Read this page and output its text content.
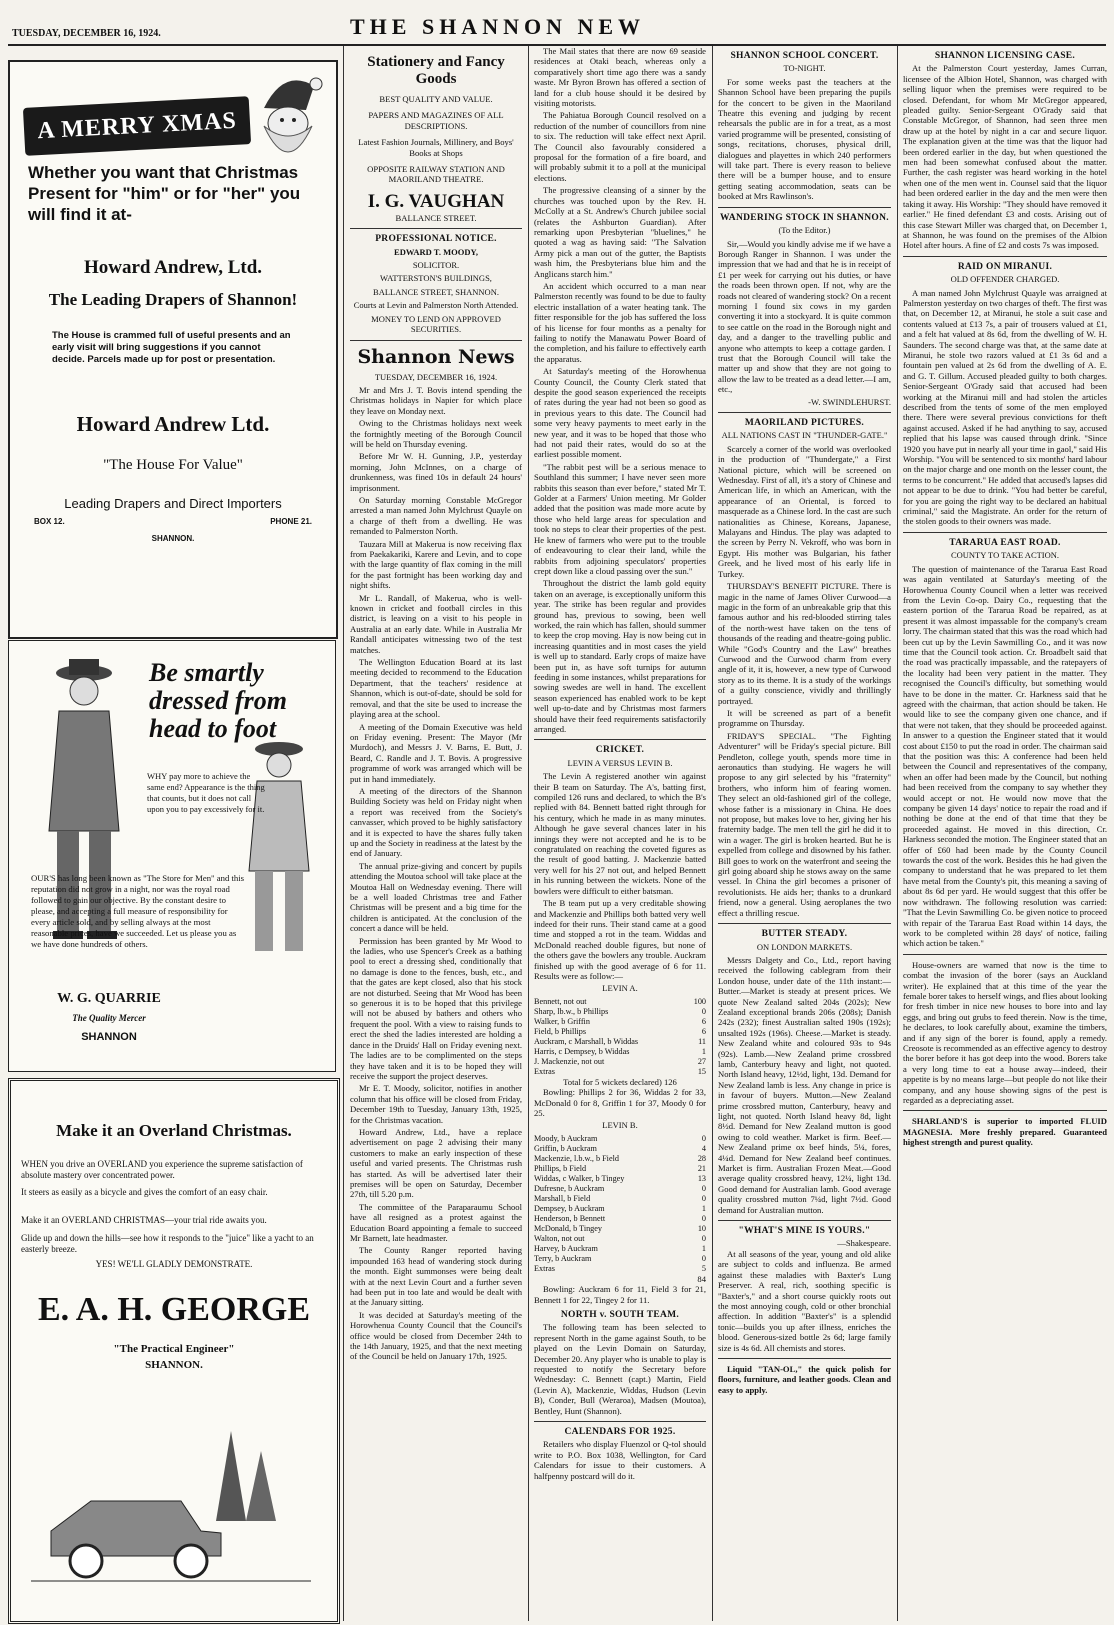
TUESDAY, DECEMBER 16, 1924.	THE SHANNON NEW
A MERRY XMAS
Whether you want that Christmas Present for "him" or for "her" you will find it at-
Howard Andrew, Ltd.
The Leading Drapers of Shannon!
The House is crammed full of useful presents and an early visit will bring suggestions if you cannot decide. Parcels made up for post or presentation.
Howard Andrew Ltd.
"The House For Value"
Leading Drapers and Direct Importers
BOX 12.	PHONE 21.
SHANNON.
Be smartly dressed from head to foot
WHY pay more to achieve the same end? Appearance is the thing that counts, but it does not call upon you to pay excessively for it.
OUR'S has long been known as "The Store for Men" and this reputation did not grow in a night, nor was the royal road followed to gain our objective. By the constant desire to please, and accepting a full measure of responsibility for every article sold, and by selling always at the most reasonable prices, have we succeeded. Let us please you as we have done hundreds of others.
W. G. QUARRIE
The Quality Mercer
SHANNON
Make it an Overland Christmas.
WHEN you drive an OVERLAND you experience the supreme satisfaction of absolute mastery over concentrated power.
It steers as easily as a bicycle and gives the comfort of an easy chair.
Make it an OVERLAND CHRISTMAS—your trial ride awaits you.
Glide up and down the hills—see how it responds to the "juice" like a yacht to an easterly breeze.
YES! WE'LL GLADLY DEMONSTRATE.
E. A. H. GEORGE
"The Practical Engineer"
SHANNON.
Stationery and Fancy Goods
BEST QUALITY AND VALUE.
PAPERS AND MAGAZINES OF ALL DESCRIPTIONS.
Latest Fashion Journals, Millinery, and Boys' Books at Shops
OPPOSITE RAILWAY STATION AND MAORILAND THEATRE.
I. G. VAUGHAN
BALLANCE STREET.
PROFESSIONAL NOTICE.
EDWARD T. MOODY,
SOLICITOR.
WATTERSTON'S BUILDINGS,
BALLANCE STREET, SHANNON.
Courts at Levin and Palmerston North Attended.
MONEY TO LEND ON APPROVED SECURITIES.
Shannon News
TUESDAY, DECEMBER 16, 1924.

Mr and Mrs J. T. Bovis intend spending the Christmas holidays in Napier for which place they leave on Monday next.

Owing to the Christmas holidays next week the fortnightly meeting of the Borough Council will be held on Thursday evening.

Before Mr W. H. Gunning, J.P., yesterday morning, John McInnes, on a charge of drunkenness, was fined 10s in default 24 hours' imprisonment.

On Saturday morning Constable McGregor arrested a man named John Mylchrust Quayle on a charge of theft from a dwelling. He was remanded to Palmerston North.

Tauzara Mill at Makerua is now receiving flax from Paekakariki, Karere and Levin, and to cope with the large quantity of flax coming in the mill for the past fortnight has been working day and night shifts.

Mr L. Randall, of Makerua, who is well-known in cricket and football circles in this district, is leaving on a visit to his people in Australia at an early date. While in Australia Mr Randall anticipates witnessing two of the test matches.

The Wellington Education Board at its last meeting decided to recommend to the Education Department, that the teachers' residence at Shannon, which is out-of-date, should be sold for removal, and that the site be used to increase the playing area at the school.

A meeting of the Domain Executive was held on Friday evening. Present: The Mayor (Mr Murdoch), and Messrs J. V. Barns, E. Butt, J. Beard, C. Randle and J. T. Bovis. A progressive programme of work was arranged which will be put in hand immediately.

A meeting of the directors of the Shannon Building Society was held on Friday night when a report was received from the Society's canvasser, which proved to be highly satisfactory and it is expected to have the shares fully taken up and the Society in readiness at the latest by the end of January.

The annual prize-giving and concert by pupils attending the Moutoa school will take place at the Moutoa Hall on Wednesday evening. There will be a well loaded Christmas tree and Father Christmas will be present and a big time for the children is anticipated. At the conclusion of the concert a dance will be held.

Permission has been granted by Mr Wood to the ladies, who use Spencer's Creek as a bathing pool to erect a dressing shed, conditionally that no damage is done to the fences, bush, etc., and that the gates are kept closed, also that his stock are not disturbed. Seeing that Mr Wood has been so generous it is to be hoped that this privilege will not be abused by bathers and others who frequent the pool. With a view to raising funds to erect the shed the ladies interested are holding a dance in the Druids' Hall on Friday evening next. The ladies are to be complimented on the steps they have taken and it is to be hoped they will receive the support the project deserves.

Mr E. T. Moody, solicitor, notifies in another column that his office will be closed from Friday, December 19th to Tuesday, January 13th, 1925, for the Christmas vacation.

Howard Andrew, Ltd., have a replace advertisement on page 2 advising their many customers to make an early inspection of these useful and varied presents. The Christmas rush has started. As will be advertised later their premises will be open on Saturday, December 27th, till 5.20 p.m.

The committee of the Paraparaumu School have all resigned as a protest against the Education Board appointing a female to succeed Mr Barnett, late headmaster.

The County Ranger reported having impounded 163 head of wandering stock during the month. Eight summonses were being dealt with at the next Levin Court and a further seven had been put in too late and would be dealt with at the January sitting.

It was decided at Saturday's meeting of the Horowhenua County Council that the Council's office would be closed from December 24th to the 14th January, 1925, and that the next meeting of the Council be held on January 17th, 1925.

The Mail states that there are now 69 seaside residences at Otaki beach, whereas only a comparatively short time ago there was a sandy waste. Mr Byron Brown has offered a section of land for a club house should it be desired by visiting motorists.

The Pahiatua Borough Council resolved on a reduction of the number of councillors from nine to six. The reduction will take effect next April. The Council also favourably considered a proposal for the formation of a fire board, and will probably submit it to a poll at the municipal elections.

The progressive cleansing of a sinner by the churches was touched upon by the Rev. H. McColly at a St. Andrew's Church jubilee social (relates the Ashburton Guardian). After remarking upon Presbyterian "bluelines," he quoted a wag as having said: "The Salvation Army pick a man out of the gutter, the Baptists wash him, the Presbyterians blue him and the Anglicans starch him."

An accident which occurred to a man near Palmerston recently was found to be due to faulty electric installation of a water heating tank. The fitter responsible for the job has suffered the loss of his license for four months as a penalty for failing to notify the Manawatu Power Board of the completion, and his failure to effectively earth the apparatus.

At Saturday's meeting of the Horowhenua County Council, the County Clerk stated that despite the good season experienced the receipts of rates during the year had not been so good as in previous years to this date. The Council had some very heavy payments to meet early in the new year, and it was to be hoped that those who had not paid their rates, would do so at the earliest possible moment.

"The rabbit pest will be a serious menace to Southland this summer; I have never seen more rabbits this season than ever before," stated Mr T. Golder at a Farmers' Union meeting. Mr Golder added that the position was made more acute by those who held large areas for speculation and took no steps to clear their properties of the pest. He knew of farmers who were put to the trouble of endeavouring to clear their land, while the rabbits from adjoining speculators' properties crept down like a cloud passing over the sun."

Throughout the district the lamb gold equity taken on an average, is exceptionally uniform this year. The strike has been regular and provides ground has, previous to sowing, been well worked, the rain which has fallen, should summer to keep the crop moving. Hay is now being cut in increasing quantities and in most cases the yield is well up to standard. Early crops of maize have been put in, as have soft turnips for autumn feeding in some instances, whilst preparations for sowing swedes are well in hand. The excellent season experienced has enabled work to be kept well up-to-date and by Christmas most farmers should have their feed requirements satisfactorily arranged.

CRICKET.
LEVIN A VERSUS LEVIN B.

The Levin A registered another win against their B team on Saturday. The A's, batting first, compiled 126 runs and declared, to which the B's replied with 84. Bennett batted right through for his century, which he made in as many minutes. Although he gave several chances later in his innings they were not accepted and he is to be congratulated on reaching the coveted figures as the result of good batting. J. Mackenzie batted very well for his 27 not out, and helped Bennett in his running between the wickets. None of the bowlers were difficult to either batsman.

The B team put up a very creditable showing and Mackenzie and Phillips both batted very well indeed for their runs. Their stand came at a good time and stopped a rot in the team. Widdas and McDonald reached double figures, but none of the others gave the bowlers any trouble. Auckram finished up with the good average of 6 for 11. Results were as follow:—

LEVIN A.
Bennett, not out	100
Sharp, lb.w., b Phillips	0
Walker, b Griffin	6
Field, b Phillips	6
Auckram, c Marshall, b Widdas	11
Harris, c Dempsey, b Widdas	1
J. Mackenzie, not out	27
Extras	15
Total for 5 wickets declared) 126

Bowling: Phillips 2 for 36, Widdas 2 for 33, McDonald 0 for 8, Griffin 1 for 37, Moody 0 for 25.

LEVIN B.
Moody, b Auckram	0
Griffin, b Auckram	4
Mackenzie, l.b.w., b Field	28
Phillips, b Field	21
Widdas, c Walker, b Tingey	13
Dufresne, b Auckram	0
Marshall, b Field	0
Dempsey, b Auckram	1
Henderson, b Bennett	0
McDonald, b Tingey	10
Walton, not out	0
Harvey, b Auckram	1
Terry, b Auckram	0
Extras	5
84

Bowling: Auckram 6 for 11, Field 3 for 21, Bennett 1 for 22, Tingey 2 for 11.

NORTH v. SOUTH TEAM.

The following team has been selected to represent North in the game against South, to be played on the Levin Domain on Saturday, December 20. Any player who is unable to play is requested to notify the Secretary before Wednesday: C. Bennett (capt.) Martin, Field (Levin A), Mackenzie, Widdas, Hudson (Levin B), Conder, Bull (Weraroa), Madsen (Moutoa), Bentley, Hunt (Shannon).

CALENDARS FOR 1925.

Retailers who display Fluenzol or Q-tol should write to P.O. Box 1038, Wellington, for Card Calendars for issue to their customers. A halfpenny postcard will do it.

SHANNON SCHOOL CONCERT.
TO-NIGHT.

For some weeks past the teachers at the Shannon School have been preparing the pupils for the concert to be given in the Maoriland Theatre this evening and judging by recent rehearsals the public are in for a treat, as a most varied programme will be presented, consisting of songs, recitations, choruses, physical drill, dialogues and playettes in which 240 performers will take part. There is every reason to believe there will be a bumper house, and to ensure getting seating accommodation, seats can be booked at Mrs Rawlinson's.

WANDERING STOCK IN SHANNON.
(To the Editor.)

Sir,—Would you kindly advise me if we have a Borough Ranger in Shannon. I was under the impression that we had and that he is in receipt of £1 per week for carrying out his duties, or have the roads been thrown open. If not, why are the roads not cleared of wandering stock? On a recent morning I found six cows in my garden converting it into a stockyard. It is quite common to see cattle on the road in the Borough night and day, and a danger to the travelling public and anyone who attempts to keep a cottage garden. I trust that the Borough Council will take the matter up and show that they are not going to allow the law to be treated as a dead letter.—I am, etc.,

-W. SWINDLEHURST.
MAORILAND PICTURES.
ALL NATIONS CAST IN "THUNDER-GATE."

Scarcely a corner of the world was overlooked in the production of "Thundergate," a First National picture, which will be screened on Wednesday. First of all, it's a story of Chinese and American life, in which an American, with the appearance of an Oriental, is forced to masquerade as a Chinese lord. In the cast are such nationalities as Chinese, Koreans, Japanese, Malayans and Hindus. The play was adapted to the screen by Perry N. Vekroff, who was born in Egypt. His mother was Bulgarian, his father Greek, and he lived most of his early life in Turkey.

THURSDAY'S BENEFIT PICTURE. There is magic in the name of James Oliver Curwood—a magic in the form of an unbreakable grip that this famous author and his red-blooded stirring tales of the north-west have taken on the tens of thousands of the reading and theatre-going public. While "God's Country and the Law" breathes Curwood and the Curwood charm from every angle of it, it is, however, a new type of Curwood story as to its theme. It is a study of the workings of a guilty conscience, vividly and thrillingly portrayed.

It will be screened as part of a benefit programme on Thursday.

FRIDAY'S SPECIAL. "The Fighting Adventurer" will be Friday's special picture. Bill Pendleton, college youth, spends more time in aeronautics than studying. He wagers he will propose to any girl selected by his "fraternity" brothers, who inform him of fearing women. They select an old-fashioned girl of the college, whose father is a missionary in China. He does not propose, but makes love to her, giving her his fraternity badge. The men tell the girl he did it to win a wager. The girl is broken hearted. But he is expelled from college and disowned by his father. Bill goes to work on the waterfront and seeing the girl going aboard ship he stows away on the same vessel. In China the girl becomes a prisoner of revolutionists. He aids her; thanks to a drunkard friend, now a general. Using aeroplanes the two effect a thrilling rescue.

BUTTER STEADY.
ON LONDON MARKETS.

Messrs Dalgety and Co., Ltd., report having received the following cablegram from their London house, under date of the 11th instant:— Butter.—Market is steady at present prices. We quote New Zealand salted 204s (202s); New Zealand exceptional brands 206s (208s); Danish 242s (232); finest Australian salted 190s (192s); unsalted 192s (196s). Cheese.—Market is steady. New Zealand white and coloured 93s to 94s (92s). Lamb.—New Zealand prime crossbred lamb, Canterbury heavy and light, not quoted. North Island heavy, 12½d, light, 13d. Demand for New Zealand lamb is less. Any change in price is in favour of buyers. Mutton.—New Zealand prime crossbred mutton, Canterbury, heavy and light, not quoted. North Island heavy 8d, light 8½d. Demand for New Zealand mutton is good owing to cold weather. Market is firm. Beef.—New Zealand prime ox beef hinds, 5¼, fores, 4¼d. Demand for New Zealand beef continues. Market is firm. Australian Frozen Meat.—Good average quality crossbred heavy, 12¼, light 13d. Good demand for Australian lamb. Good average quality crossbred mutton 7¼d, light 7½d. Good demand for Australian mutton.

"WHAT'S MINE IS YOURS."
—Shakespeare.

At all seasons of the year, young and old alike are subject to colds and influenza. Be armed against these maladies with Baxter's Lung Preserver. A real, rich, soothing specific is "Baxter's," and a short course quickly roots out the most annoying cough, cold or other bronchial affection. In addition "Baxter's" is a splendid tonic—builds you up after illness, enriches the blood. Generous-sized bottle 2s 6d; large family size is 4s 6d. All chemists and stores.

Liquid "TAN-OL," the quick polish for floors, furniture, and leather goods. Clean and easy to apply.

SHANNON LICENSING CASE.

At the Palmerston Court yesterday, James Curran, licensee of the Albion Hotel, Shannon, was charged with selling liquor when the premises were required to be closed. Defendant, for whom Mr McGregor appeared, pleaded guilty. Senior-Sergeant O'Grady said that Constable McGregor, of Shannon, had seen three men draw up at the hotel by night in a car and secure liquor. The explanation given at the time was that the liquor had been ordered earlier in the day, but when questioned the men had been somewhat confused about the matter. Further, the cash register was heard working in the hotel when one of the men went in. Counsel said that the liquor had been ordered earlier in the day and the men were then taking it away. His Worship: "They should have removed it earlier." He fined defendant £3 and costs. Arising out of this case Stewart Miller was charged that, on December 1, at Shannon, he was found on the premises of the Albion Hotel after hours. A fine of £2 and costs 7s was imposed.

RAID ON MIRANUI.
OLD OFFENDER CHARGED.

A man named John Mylchrust Quayle was arraigned at Palmerston yesterday on two charges of theft. The first was that, on December 12, at Miranui, he stole a suit case and contents valued at £13 7s, a pair of trousers valued at £1, and a felt hat valued at 8s 6d, from the dwelling of W. H. Saunders. The second charge was that, at the same date at Miranui, he stole two razors valued at £1 3s 6d and a fountain pen valued at 2s 6d from the dwelling of A. E. and G. T. Gillum. Accused pleaded guilty to both charges. Senior-Sergeant O'Grady said that accused had been working at the Miranui mill and had stolen the articles described from the tents of some of the men employed there. There were several previous convictions for theft against accused. Asked if he had anything to say, accused replied that his lapse was caused through drink. "Since 1920 you have put in nearly all your time in gaol," said His Worship. "You will be sentenced to six months' hard labour on the major charge and one month on the lesser count, the terms to be concurrent." He added that accused's lapses did not appear to be due to drink. "You had better be careful, for you are going the right way to be declared an habitual criminal," said the Magistrate. An order for the return of the stolen goods to their owners was made.

TARARUA EAST ROAD.
COUNTY TO TAKE ACTION.

The question of maintenance of the Tararua East Road was again ventilated at Saturday's meeting of the Horowhenua County Council when a letter was received from the Levin Co-op. Dairy Co., requesting that the eastern portion of the Tararua Road be repaired, as at present it was almost impassable for the company's cream lorry. The chairman stated that this was the road which had been cut up by the Levin Sawmilling Co., and it was now time that the Council took action. Cr. Broadbelt said that the road was practically impassable, and the ratepayers of the locality had been very patient in the matter. They recognised the Council's difficulty, but something would have to be done in the matter. Cr. Harkness said that he agreed with the chairman, that action should be taken. He would like to see the company given one chance, and if that were not taken, that they should be proceeded against. In answer to a question the Engineer stated that it would cost about £150 to put the road in order. The chairman said that the position was this: A conference had been held between the Council and representatives of the company, when an offer had been made by the Council, but nothing had been received from the company to say whether they would accept or not. He would now move that the company be given 14 days' notice to repair the road and if nothing be done at the end of that time that they be proceeded against. He moved in this direction, Cr. Harkness seconded the motion. The Engineer stated that an offer of £60 had been made by the County Council towards the cost of the work. Besides this he had given the company to understand that he was prepared to let them have metal from the County's pit, this meaning a saving of about 8s 6d per yard. He would suggest that this offer be now withdrawn. The following resolution was carried: "That the Levin Sawmilling Co. be given notice to proceed with repair of the Tararua East Road within 14 days, the work to be completed within 28 days' of notice, failing which action be taken."

House-owners are warned that now is the time to combat the invasion of the borer (says an Auckland writer). He explained that at this time of the year the female borer takes to herself wings, and flies about looking for fresh timber in nice new houses to bore into and lay eggs, and bring out grubs to feed therein. Now is the time, he declares, to look carefully about, examine the timbers, and if any sign of the borer is found, apply a remedy. Creosote is recommended as an effective agency to destroy the borer before it has got deep into the wood. Borers take a very long time to eat a house away—indeed, their appetite is by no means large—but people do not like their company, and any house showing signs of the pest is regarded as a depreciating asset.

SHARLAND'S is superior to imported FLUID MAGNESIA. More freshly prepared. Guaranteed highest strength and purest quality.
